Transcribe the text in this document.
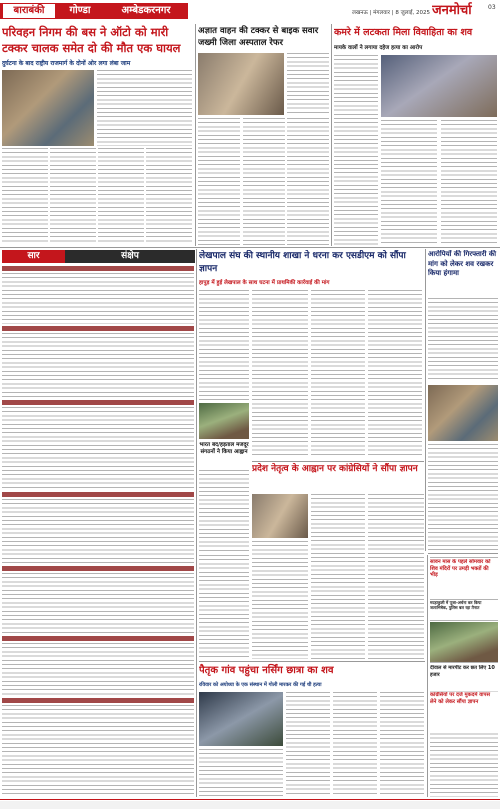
बाराबंकी	गोण्डा	अम्बेडकरनगर	लखनऊ | मंगलवार | 8 जुलाई, 2025 जनमोर्चा	03
परिवहन निगम की बस ने ऑटो को मारी टक्कर चालक समेत दो की मौत एक घायल
दुर्घटना के बाद राष्ट्रीय राजमार्ग के दोनों ओर लगा लंबा जाम
अज्ञात वाहन की टक्कर से बाइक सवार जख्मी जिला अस्पताल रेफर
कमरे में लटकता मिला विवाहिता का शव
मायके वालों ने लगाया दहेज हत्या का आरोप
सार	संक्षेप	लेखपाल संघ की स्थानीय शाखा ने धरना कर एसडीएम को सौंपा ज्ञापन
हापुड़ में हुई लेखपाल के साथ घटना में प्राथमिकी कार्रवाई की मांग
भारत बंद/हड़ताल मजदूर संगठनों ने किया आह्वान
आरोपियों की गिरफ्तारी की मांग को लेकर शव रखकर किया हंगामा
प्रदेश नेतृत्व के आह्वान पर कांग्रेसियों ने सौंपा ज्ञापन
पैतृक गांव पहुंचा नर्सिंग छात्रा का शव
रविवार को अयोध्या के एक संस्थान में गोली मारकर की गई थी हत्या
सावन मास के पहले सोमवार को शिव मंदिरों पर उमड़ी भक्तों की भीड़
मदहाकुली में पूजा-अर्चना कर किया जलाभिषेक, पुलिस बल रहा तैनात
दीवाल से मारपीट कर छत लिए 10 हजार
कांग्रेसियों पर दर्ज मुकदमे वापस लेने को लेकर सौंपा ज्ञापन
